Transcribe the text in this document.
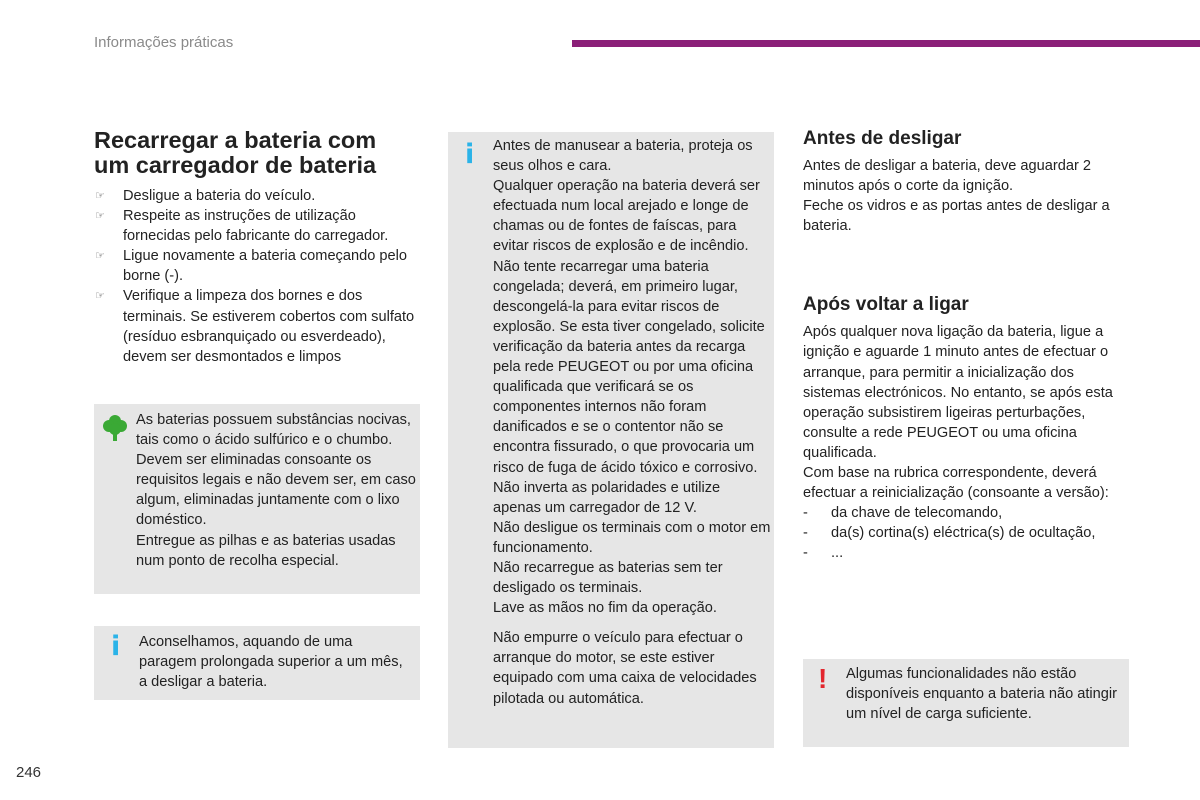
Informações práticas
Recarregar a bateria com
um carregador de bateria
☞ Desligue a bateria do veículo.
☞ Respeite as instruções de utilização fornecidas pelo fabricante do carregador.
☞ Ligue novamente a bateria começando pelo borne (-).
☞ Verifique a limpeza dos bornes e dos terminais. Se estiverem cobertos com sulfato (resíduo esbranquiçado ou esverdeado), devem ser desmontados e limpos

As baterias possuem substâncias nocivas, tais como o ácido sulfúrico e o chumbo. Devem ser eliminadas consoante os requisitos legais e não devem ser, em caso algum, eliminadas juntamente com o lixo doméstico.

Entregue as pilhas e as baterias usadas num ponto de recolha especial.

i Aconselhamos, aquando de uma paragem prolongada superior a um mês, a desligar a bateria.

i Antes de manusear a bateria, proteja os seus olhos e cara.

Qualquer operação na bateria deverá ser efectuada num local arejado e longe de chamas ou de fontes de faíscas, para evitar riscos de explosão e de incêndio.

Não tente recarregar uma bateria congelada; deverá, em primeiro lugar, descongelá-la para evitar riscos de explosão. Se esta tiver congelado, solicite verificação da bateria antes da recarga pela rede PEUGEOT ou por uma oficina qualificada que verificará se os componentes internos não foram danificados e se o contentor não se encontra fissurado, o que provocaria um risco de fuga de ácido tóxico e corrosivo.

Não inverta as polaridades e utilize apenas um carregador de 12 V.

Não desligue os terminais com o motor em funcionamento.

Não recarregue as baterias sem ter desligado os terminais.

Lave as mãos no fim da operação.

Não empurre o veículo para efectuar o arranque do motor, se este estiver equipado com uma caixa de velocidades pilotada ou automática.

Antes de desligar

Antes de desligar a bateria, deve aguardar 2 minutos após o corte da ignição.

Feche os vidros e as portas antes de desligar a bateria.

Após voltar a ligar

Após qualquer nova ligação da bateria, ligue a ignição e aguarde 1 minuto antes de efectuar o arranque, para permitir a inicialização dos sistemas electrónicos. No entanto, se após esta operação subsistirem ligeiras perturbações, consulte a rede PEUGEOT ou uma oficina qualificada.

Com base na rubrica correspondente, deverá efectuar a reinicialização (consoante a versão):

- da chave de telecomando,
- da(s) cortina(s) eléctrica(s) de ocultação,
- ...
! Algumas funcionalidades não estão disponíveis enquanto a bateria não atingir um nível de carga suficiente.

246
